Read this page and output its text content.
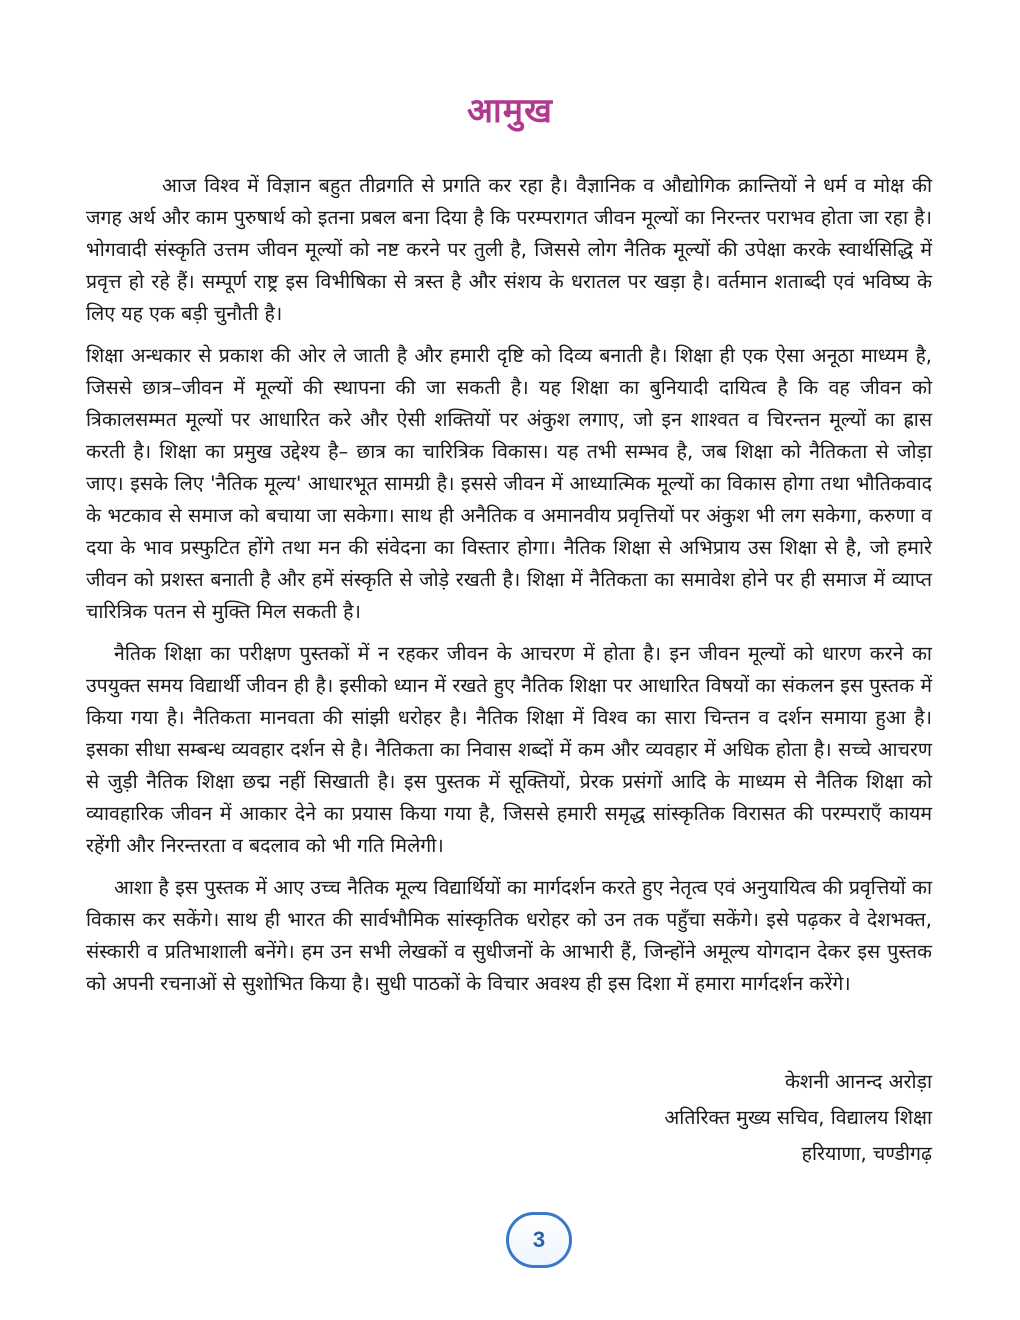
आमुख

आज विश्व में विज्ञान बहुत तीव्रगति से प्रगति कर रहा है। वैज्ञानिक व औद्योगिक क्रान्तियों ने धर्म व मोक्ष की जगह अर्थ और काम पुरुषार्थ को इतना प्रबल बना दिया है कि परम्परागत जीवन मूल्यों का निरन्तर पराभव होता जा रहा है। भोगवादी संस्कृति उत्तम जीवन मूल्यों को नष्ट करने पर तुली है, जिससे लोग नैतिक मूल्यों की उपेक्षा करके स्वार्थसिद्धि में प्रवृत्त हो रहे हैं। सम्पूर्ण राष्ट्र इस विभीषिका से त्रस्त है और संशय के धरातल पर खड़ा है। वर्तमान शताब्दी एवं भविष्य के लिए यह एक बड़ी चुनौती है।

शिक्षा अन्धकार से प्रकाश की ओर ले जाती है और हमारी दृष्टि को दिव्य बनाती है। शिक्षा ही एक ऐसा अनूठा माध्यम है, जिससे छात्र–जीवन में मूल्यों की स्थापना की जा सकती है। यह शिक्षा का बुनियादी दायित्व है कि वह जीवन को त्रिकालसम्मत मूल्यों पर आधारित करे और ऐसी शक्तियों पर अंकुश लगाए, जो इन शाश्वत व चिरन्तन मूल्यों का ह्रास करती है। शिक्षा का प्रमुख उद्देश्य है– छात्र का चारित्रिक विकास। यह तभी सम्भव है, जब शिक्षा को नैतिकता से जोड़ा जाए। इसके लिए 'नैतिक मूल्य' आधारभूत सामग्री है। इससे जीवन में आध्यात्मिक मूल्यों का विकास होगा तथा भौतिकवाद के भटकाव से समाज को बचाया जा सकेगा। साथ ही अनैतिक व अमानवीय प्रवृत्तियों पर अंकुश भी लग सकेगा, करुणा व दया के भाव प्रस्फुटित होंगे तथा मन की संवेदना का विस्तार होगा। नैतिक शिक्षा से अभिप्राय उस शिक्षा से है, जो हमारे जीवन को प्रशस्त बनाती है और हमें संस्कृति से जोड़े रखती है। शिक्षा में नैतिकता का समावेश होने पर ही समाज में व्याप्त चारित्रिक पतन से मुक्ति मिल सकती है।

नैतिक शिक्षा का परीक्षण पुस्तकों में न रहकर जीवन के आचरण में होता है। इन जीवन मूल्यों को धारण करने का उपयुक्त समय विद्यार्थी जीवन ही है। इसीको ध्यान में रखते हुए नैतिक शिक्षा पर आधारित विषयों का संकलन इस पुस्तक में किया गया है। नैतिकता मानवता की सांझी धरोहर है। नैतिक शिक्षा में विश्व का सारा चिन्तन व दर्शन समाया हुआ है। इसका सीधा सम्बन्ध व्यवहार दर्शन से है। नैतिकता का निवास शब्दों में कम और व्यवहार में अधिक होता है। सच्चे आचरण से जुड़ी नैतिक शिक्षा छद्म नहीं सिखाती है। इस पुस्तक में सूक्तियों, प्रेरक प्रसंगों आदि के माध्यम से नैतिक शिक्षा को व्यावहारिक जीवन में आकार देने का प्रयास किया गया है, जिससे हमारी समृद्ध सांस्कृतिक विरासत की परम्पराएँ कायम रहेंगी और निरन्तरता व बदलाव को भी गति मिलेगी।

आशा है इस पुस्तक में आए उच्च नैतिक मूल्य विद्यार्थियों का मार्गदर्शन करते हुए नेतृत्व एवं अनुयायित्व की प्रवृत्तियों का विकास कर सकेंगे। साथ ही भारत की सार्वभौमिक सांस्कृतिक धरोहर को उन तक पहुँचा सकेंगे। इसे पढ़कर वे देशभक्त, संस्कारी व प्रतिभाशाली बनेंगे। हम उन सभी लेखकों व सुधीजनों के आभारी हैं, जिन्होंने अमूल्य योगदान देकर इस पुस्तक को अपनी रचनाओं से सुशोभित किया है। सुधी पाठकों के विचार अवश्य ही इस दिशा में हमारा मार्गदर्शन करेंगे।

केशनी आनन्द अरोड़ा
अतिरिक्त मुख्य सचिव, विद्यालय शिक्षा
हरियाणा, चण्डीगढ़
3
